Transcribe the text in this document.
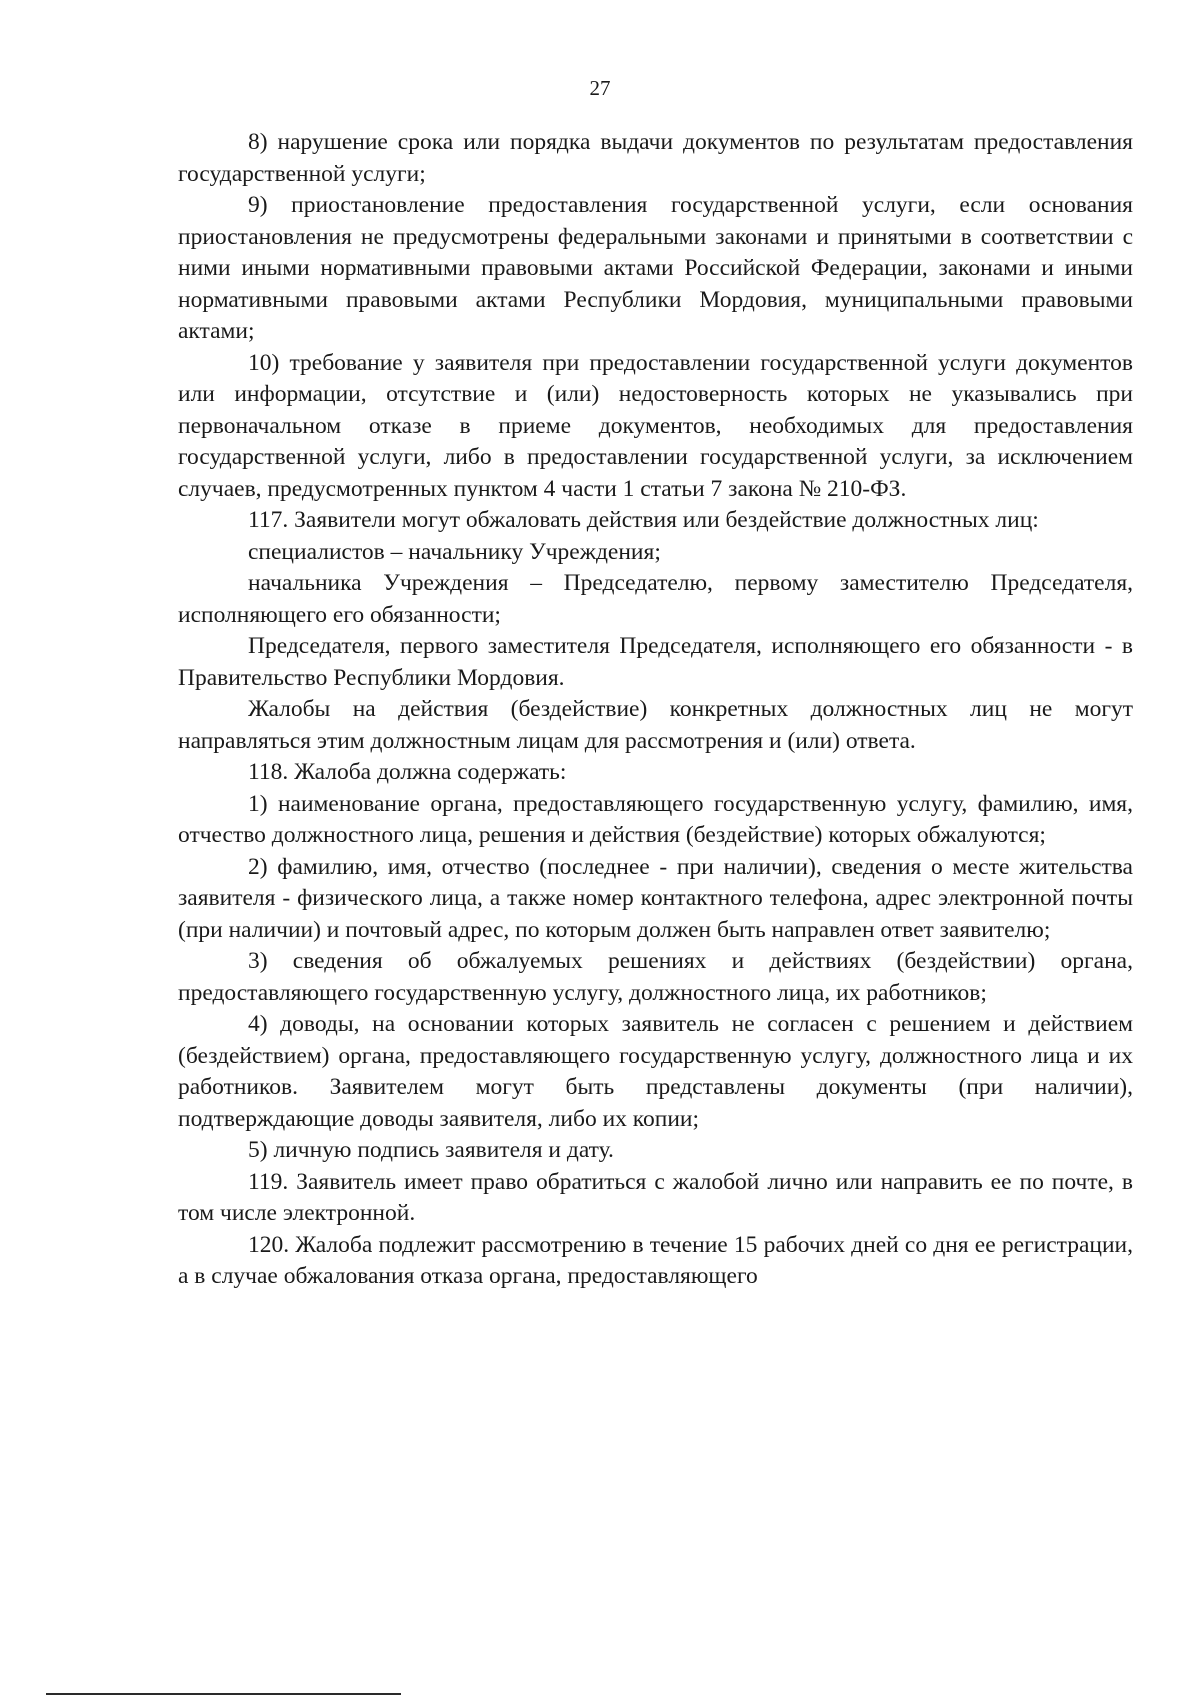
27

8) нарушение срока или порядка выдачи документов по результатам предоставления государственной услуги;

9) приостановление предоставления государственной услуги, если основания приостановления не предусмотрены федеральными законами и принятыми в соответствии с ними иными нормативными правовыми актами Российской Федерации, законами и иными нормативными правовыми актами Республики Мордовия, муниципальными правовыми актами;

10) требование у заявителя при предоставлении государственной услуги документов или информации, отсутствие и (или) недостоверность которых не указывались при первоначальном отказе в приеме документов, необходимых для предоставления государственной услуги, либо в предоставлении государственной услуги, за исключением случаев, предусмотренных пунктом 4 части 1 статьи 7 закона № 210-ФЗ.

117. Заявители могут обжаловать действия или бездействие должностных лиц:

специалистов – начальнику Учреждения;

начальника Учреждения – Председателю, первому заместителю Председателя, исполняющего его обязанности;

Председателя, первого заместителя Председателя, исполняющего его обязанности - в Правительство Республики Мордовия.

Жалобы на действия (бездействие) конкретных должностных лиц не могут направляться этим должностным лицам для рассмотрения и (или) ответа.

118. Жалоба должна содержать:

1) наименование органа, предоставляющего государственную услугу, фамилию, имя, отчество должностного лица, решения и действия (бездействие) которых обжалуются;

2) фамилию, имя, отчество (последнее - при наличии), сведения о месте жительства заявителя - физического лица, а также номер контактного телефона, адрес электронной почты (при наличии) и почтовый адрес, по которым должен быть направлен ответ заявителю;

3) сведения об обжалуемых решениях и действиях (бездействии) органа, предоставляющего государственную услугу, должностного лица, их работников;

4) доводы, на основании которых заявитель не согласен с решением и действием (бездействием) органа, предоставляющего государственную услугу, должностного лица и их работников. Заявителем могут быть представлены документы (при наличии), подтверждающие доводы заявителя, либо их копии;

5) личную подпись заявителя и дату.

119. Заявитель имеет право обратиться с жалобой лично или направить ее по почте, в том числе электронной.

120. Жалоба подлежит рассмотрению в течение 15 рабочих дней со дня ее регистрации, а в случае обжалования отказа органа, предоставляющего
